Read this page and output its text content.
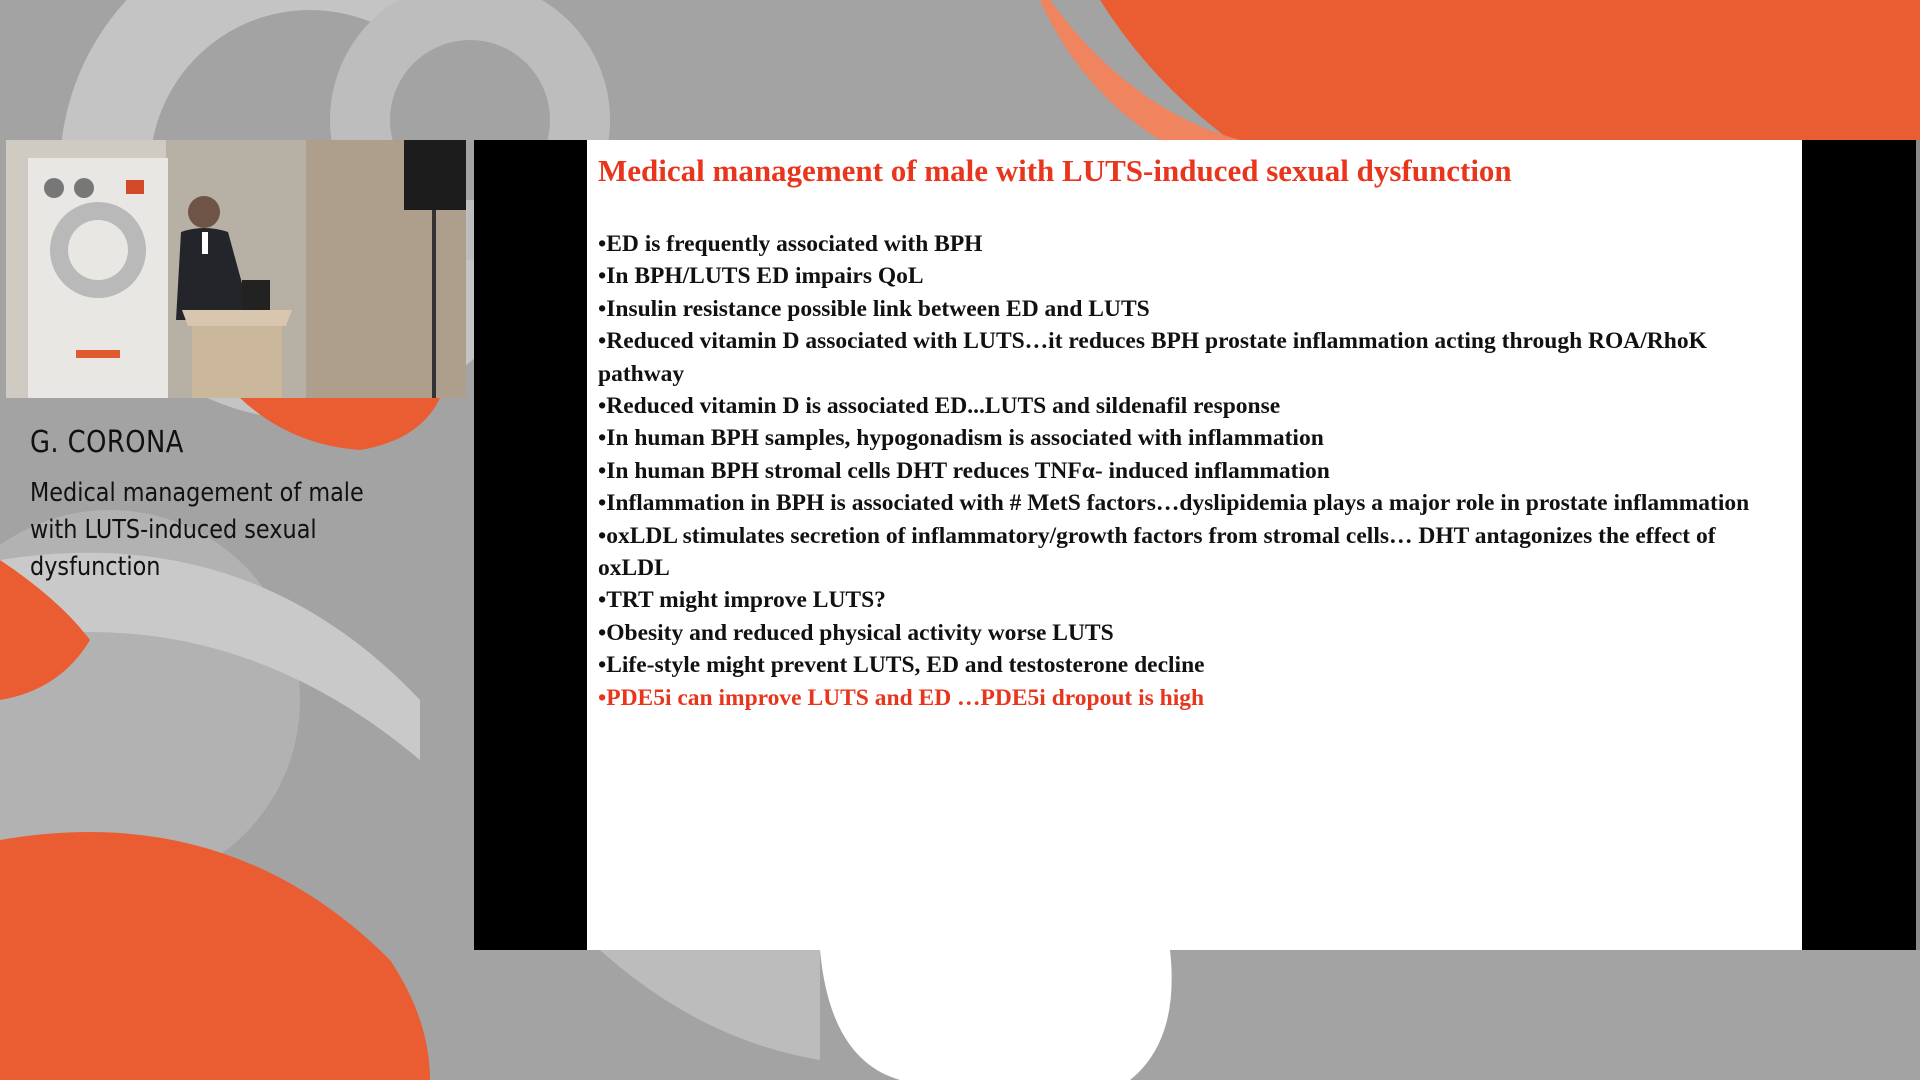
G. CORONA
Medical management of male with LUTS-induced sexual dysfunction
Medical management of male with LUTS-induced sexual dysfunction
•ED is frequently associated with BPH
•In BPH/LUTS ED impairs QoL
•Insulin resistance possible link between ED and LUTS
•Reduced vitamin D associated with LUTS…it reduces BPH prostate inflammation acting through ROA/RhoK pathway
•Reduced vitamin D is associated ED...LUTS and sildenafil response
•In human BPH samples, hypogonadism is associated with inflammation
•In human BPH stromal cells DHT reduces TNFα- induced inflammation
•Inflammation in BPH is associated with # MetS factors…dyslipidemia plays a major role in prostate inflammation
•oxLDL stimulates secretion of inflammatory/growth factors from stromal cells… DHT antagonizes the effect of oxLDL
•TRT might improve LUTS?
•Obesity and reduced physical activity worse LUTS
•Life-style might prevent LUTS, ED and testosterone decline
•PDE5i can improve LUTS and ED …PDE5i dropout is high
